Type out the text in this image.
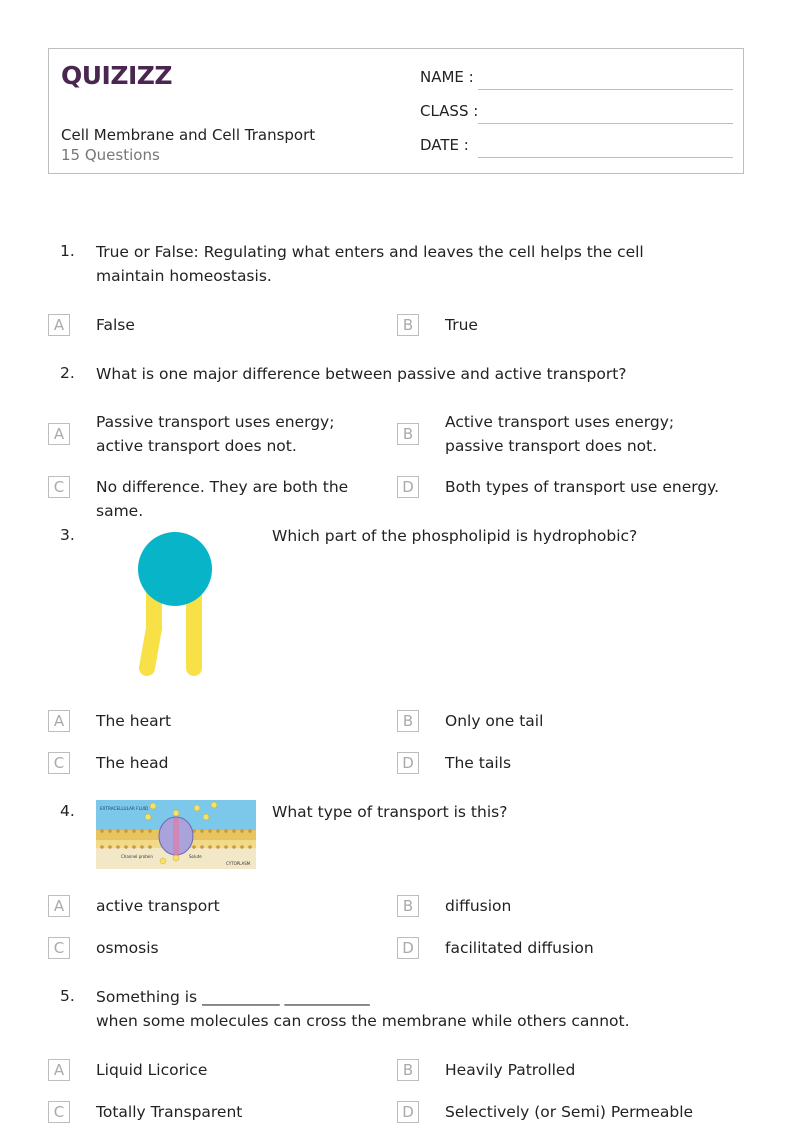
QUIZIZZ
Cell Membrane and Cell Transport
15 Questions
NAME :
CLASS :
DATE :
1. True or False: Regulating what enters and leaves the cell helps the cell maintain homeostasis.
A	False	B	True
2. What is one major difference between passive and active transport?
A
Passive transport uses energy; active transport does not.
B
Active transport uses energy; passive transport does not.
C	No difference. They are both the same.
D	Both types of transport use energy.
3.	Which part of the phospholipid is hydrophobic?
A	The heart	B	Only one tail
C	The head	D	The tails
4.	EXTRACELLULAR FLUID
Channel protein	Solute
CYTOPLASM
What type of transport is this?
A	active transport	B	diffusion
C	osmosis	D	facilitated diffusion
5. Something is __________ ___________
when some molecules can cross the membrane while others cannot.
A	Liquid Licorice	B	Heavily Patrolled
C	Totally Transparent	D	Selectively (or Semi) Permeable
